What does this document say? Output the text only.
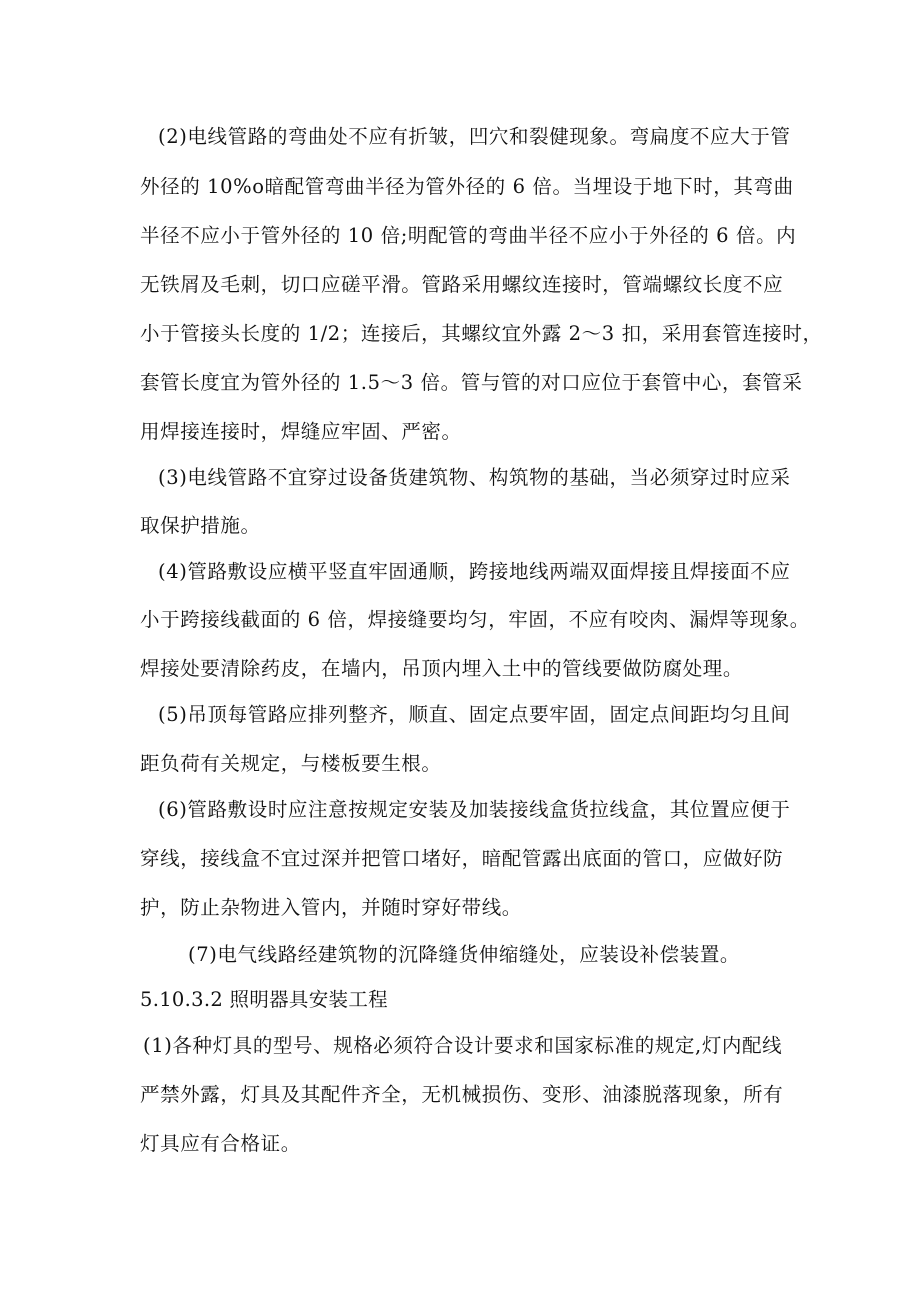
(2)电线管路的弯曲处不应有折皱，凹穴和裂健现象。弯扁度不应大于管
外径的 10%o暗配管弯曲半径为管外径的 6 倍。当埋设于地下时，其弯曲
半径不应小于管外径的 10 倍;明配管的弯曲半径不应小于外径的 6 倍。内
无铁屑及毛刺，切口应磋平滑。管路采用螺纹连接时，管端螺纹长度不应
小于管接头长度的 1/2；连接后，其螺纹宜外露 2～3 扣，采用套管连接时，
套管长度宜为管外径的 1.5～3 倍。管与管的对口应位于套管中心，套管采
用焊接连接时，焊缝应牢固、严密。
(3)电线管路不宜穿过设备货建筑物、构筑物的基础，当必须穿过时应采
取保护措施。
(4)管路敷设应横平竖直牢固通顺，跨接地线两端双面焊接且焊接面不应
小于跨接线截面的 6 倍，焊接缝要均匀，牢固，不应有咬肉、漏焊等现象。
焊接处要清除药皮，在墙内，吊顶内埋入土中的管线要做防腐处理。
(5)吊顶每管路应排列整齐，顺直、固定点要牢固，固定点间距均匀且间
距负荷有关规定，与楼板要生根。
(6)管路敷设时应注意按规定安装及加装接线盒货拉线盒，其位置应便于
穿线，接线盒不宜过深并把管口堵好，暗配管露出底面的管口，应做好防
护，防止杂物进入管内，并随时穿好带线。
(7)电气线路经建筑物的沉降缝货伸缩缝处，应装设补偿装置。
5.10.3.2 照明器具安装工程
(1)各种灯具的型号、规格必须符合设计要求和国家标准的规定,灯内配线
严禁外露，灯具及其配件齐全，无机械损伤、变形、油漆脱落现象，所有
灯具应有合格证。
